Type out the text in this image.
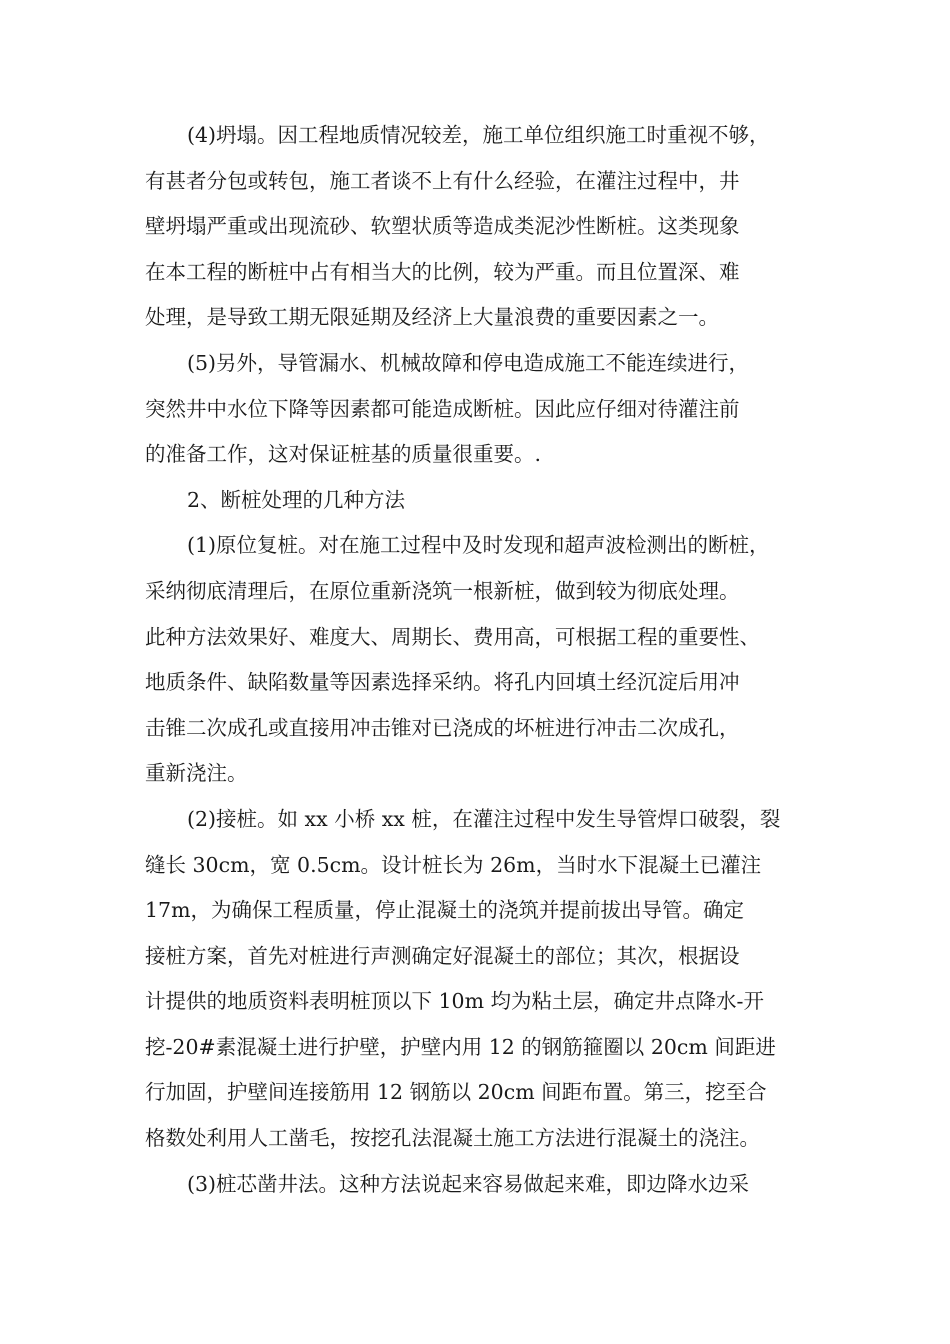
(4)坍塌。因工程地质情况较差，施工单位组织施工时重视不够，
有甚者分包或转包，施工者谈不上有什么经验，在灌注过程中，井
壁坍塌严重或出现流砂、软塑状质等造成类泥沙性断桩。这类现象
在本工程的断桩中占有相当大的比例，较为严重。而且位置深、难
处理，是导致工期无限延期及经济上大量浪费的重要因素之一。
(5)另外，导管漏水、机械故障和停电造成施工不能连续进行，
突然井中水位下降等因素都可能造成断桩。因此应仔细对待灌注前
的准备工作，这对保证桩基的质量很重要。.
2、断桩处理的几种方法
(1)原位复桩。对在施工过程中及时发现和超声波检测出的断桩，
采纳彻底清理后，在原位重新浇筑一根新桩，做到较为彻底处理。
此种方法效果好、难度大、周期长、费用高，可根据工程的重要性、
地质条件、缺陷数量等因素选择采纳。将孔内回填土经沉淀后用冲
击锥二次成孔或直接用冲击锥对已浇成的坏桩进行冲击二次成孔，
重新浇注。
(2)接桩。如 xx 小桥 xx 桩，在灌注过程中发生导管焊口破裂，裂
缝长 30cm，宽 0.5cm。设计桩长为 26m，当时水下混凝土已灌注
17m，为确保工程质量，停止混凝土的浇筑并提前拔出导管。确定
接桩方案，首先对桩进行声测确定好混凝土的部位；其次，根据设
计提供的地质资料表明桩顶以下 10m 均为粘土层，确定井点降水-开
挖-20#素混凝土进行护壁，护壁内用 12 的钢筋箍圈以 20cm 间距进
行加固，护壁间连接筋用 12 钢筋以 20cm 间距布置。第三，挖至合
格数处利用人工凿毛，按挖孔法混凝土施工方法进行混凝土的浇注。
(3)桩芯凿井法。这种方法说起来容易做起来难，即边降水边采
